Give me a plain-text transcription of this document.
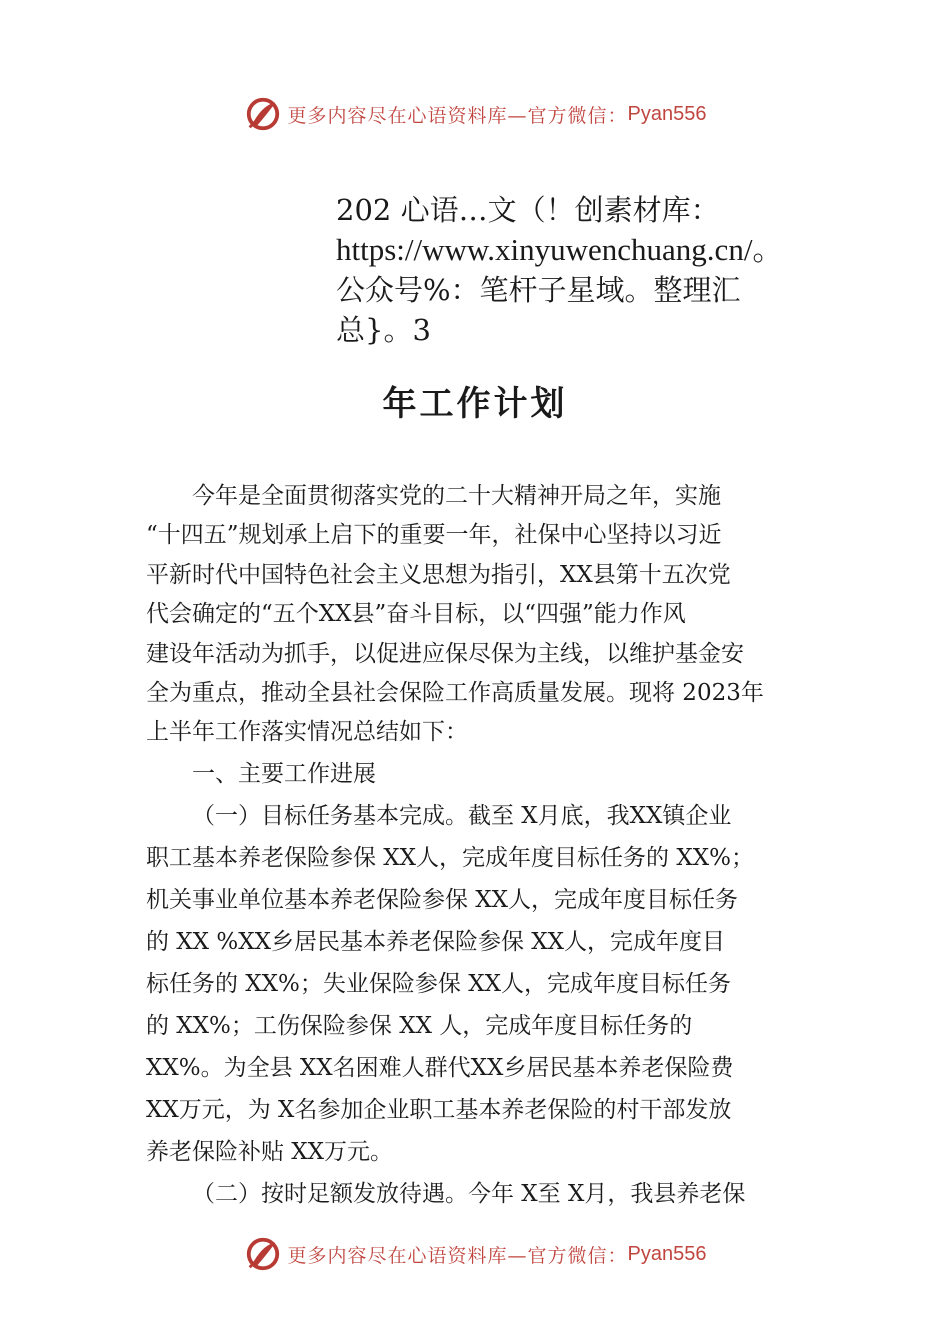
更多内容尽在心语资料库—官方微信： Pyan556
202 心语…文（！创素材库：
https://www.xinyuwenchuang.cn/。
公众号%：笔杆子星域。整理汇
总}。3
年工作计划
今年是全面贯彻落实党的二十大精神开局之年，实施
“十四五”规划承上启下的重要一年，社保中心坚持以习近
平新时代中国特色社会主义思想为指引，XX县第十五次党
代会确定的“五个XX县”奋斗目标，以“四强”能力作风
建设年活动为抓手，以促进应保尽保为主线，以维护基金安
全为重点，推动全县社会保险工作高质量发展。现将 2023年
上半年工作落实情况总结如下：
一、主要工作进展
（一）目标任务基本完成。截至 X月底，我XX镇企业
职工基本养老保险参保 XX人，完成年度目标任务的 XX%；
机关事业单位基本养老保险参保 XX人，完成年度目标任务
的 XX %XX乡居民基本养老保险参保 XX人，完成年度目
标任务的 XX%；失业保险参保 XX人，完成年度目标任务
的 XX%；工伤保险参保 XX 人，完成年度目标任务的
XX%。为全县 XX名困难人群代XX乡居民基本养老保险费
XX万元，为 X名参加企业职工基本养老保险的村干部发放
养老保险补贴 XX万元。
（二）按时足额发放待遇。今年 X至 X月，我县养老保
更多内容尽在心语资料库—官方微信： Pyan556
